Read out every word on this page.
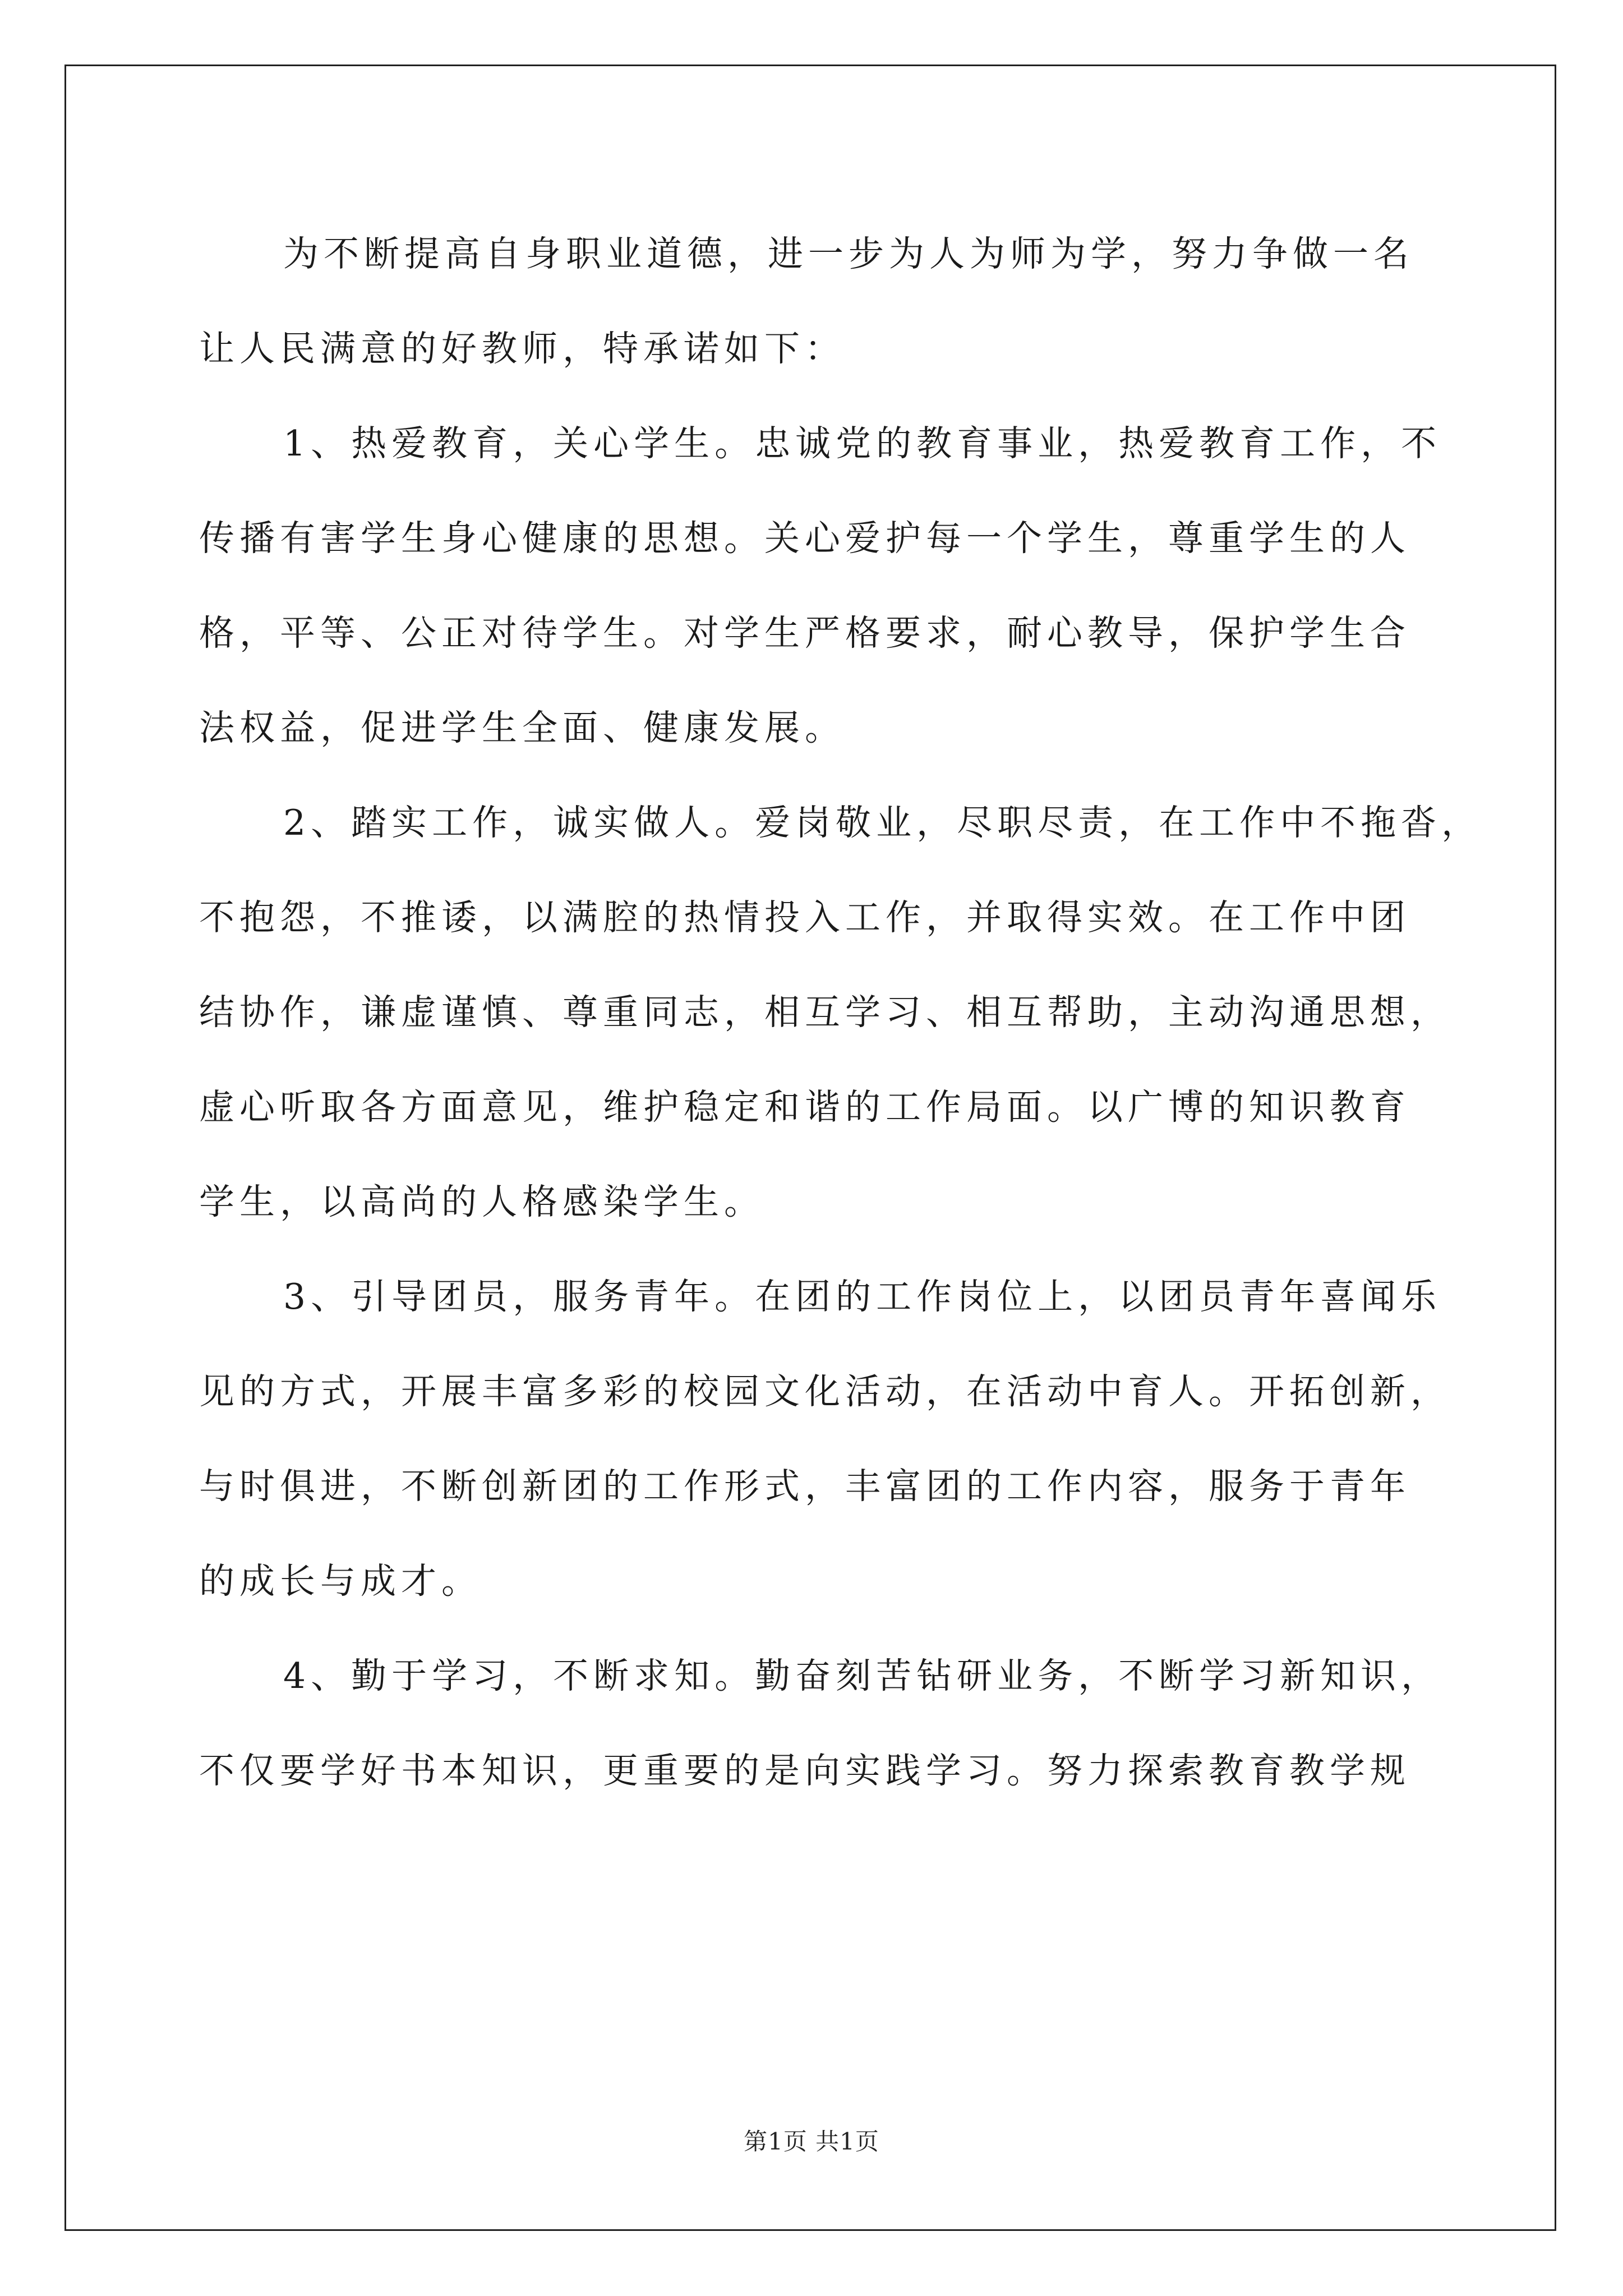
为不断提高自身职业道德，进一步为人为师为学，努力争做一名
让人民满意的好教师，特承诺如下：
1、热爱教育，关心学生。忠诚党的教育事业，热爱教育工作，不
传播有害学生身心健康的思想。关心爱护每一个学生，尊重学生的人
格，平等、公正对待学生。对学生严格要求，耐心教导，保护学生合
法权益，促进学生全面、健康发展。
2、踏实工作，诚实做人。爱岗敬业，尽职尽责，在工作中不拖沓，
不抱怨，不推诿，以满腔的热情投入工作，并取得实效。在工作中团
结协作，谦虚谨慎、尊重同志，相互学习、相互帮助，主动沟通思想，
虚心听取各方面意见，维护稳定和谐的工作局面。以广博的知识教育
学生，以高尚的人格感染学生。
3、引导团员，服务青年。在团的工作岗位上，以团员青年喜闻乐
见的方式，开展丰富多彩的校园文化活动，在活动中育人。开拓创新，
与时俱进，不断创新团的工作形式，丰富团的工作内容，服务于青年
的成长与成才。
4、勤于学习，不断求知。勤奋刻苦钻研业务，不断学习新知识，
不仅要学好书本知识，更重要的是向实践学习。努力探索教育教学规
第1页 共1页
